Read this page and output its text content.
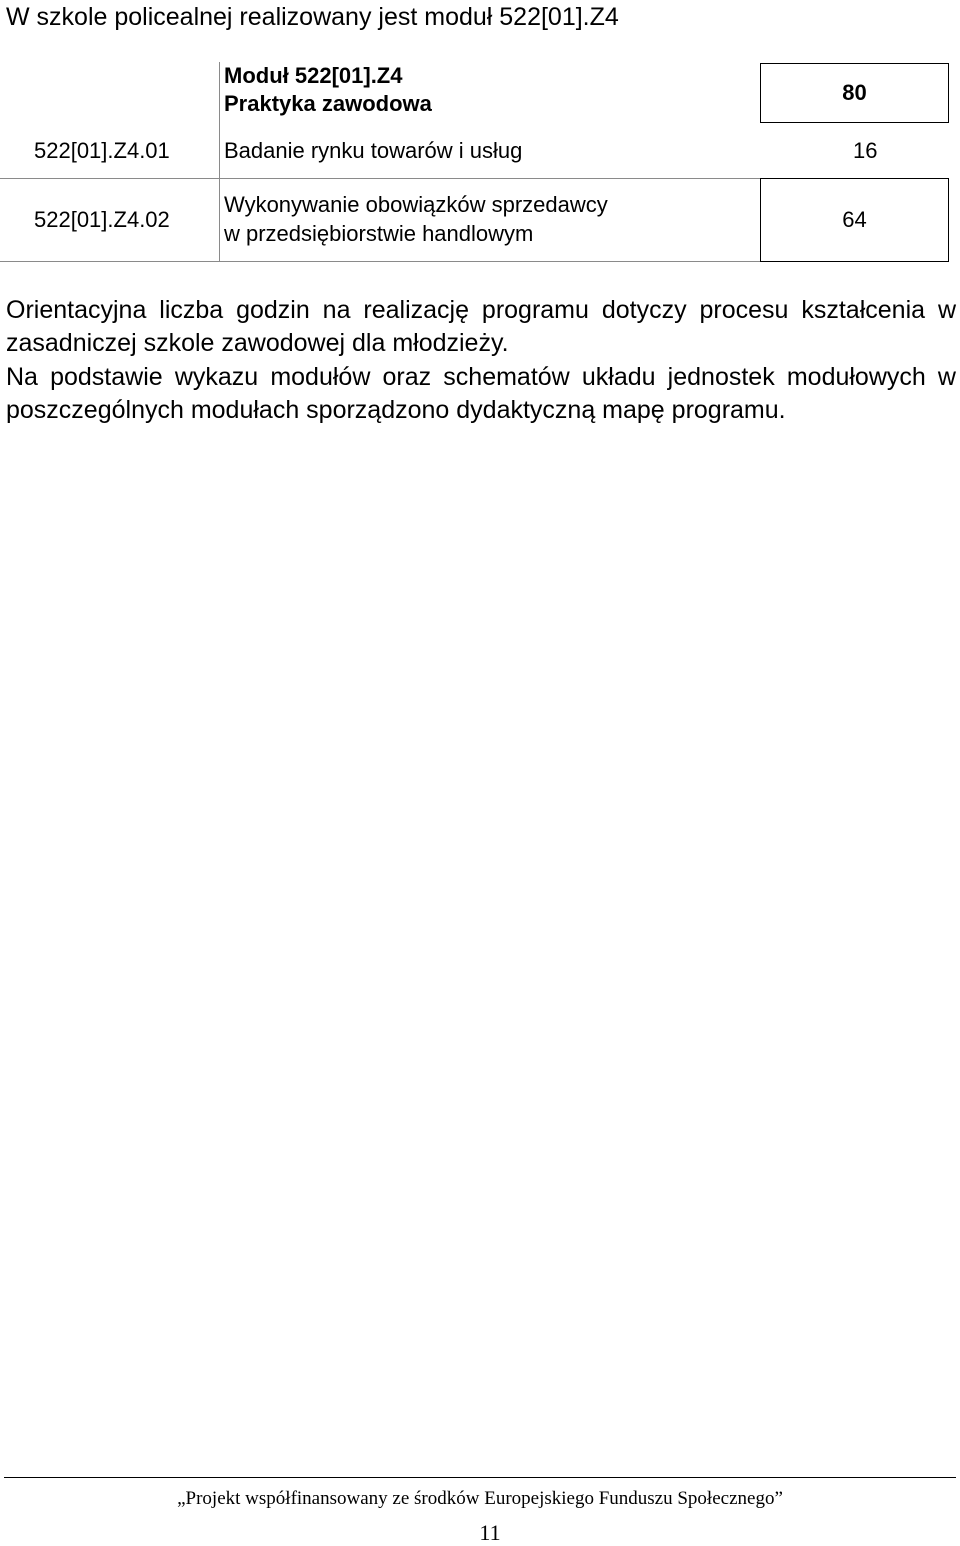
W szkole policealnej realizowany jest moduł 522[01].Z4
Moduł 522[01].Z4
Praktyka zawodowa	80
522[01].Z4.01 Badanie rynku towarów i usług	16
522[01].Z4.02
Wykonywanie obowiązków sprzedawcy
w przedsiębiorstwie handlowym
64
Orientacyjna liczba godzin na realizację programu dotyczy procesu kształcenia w zasadniczej szkole zawodowej dla młodzieży.
Na podstawie wykazu modułów oraz schematów układu jednostek modułowych w poszczególnych modułach sporządzono dydaktyczną mapę programu.
„Projekt współfinansowany ze środków Europejskiego Funduszu Społecznego”
11
